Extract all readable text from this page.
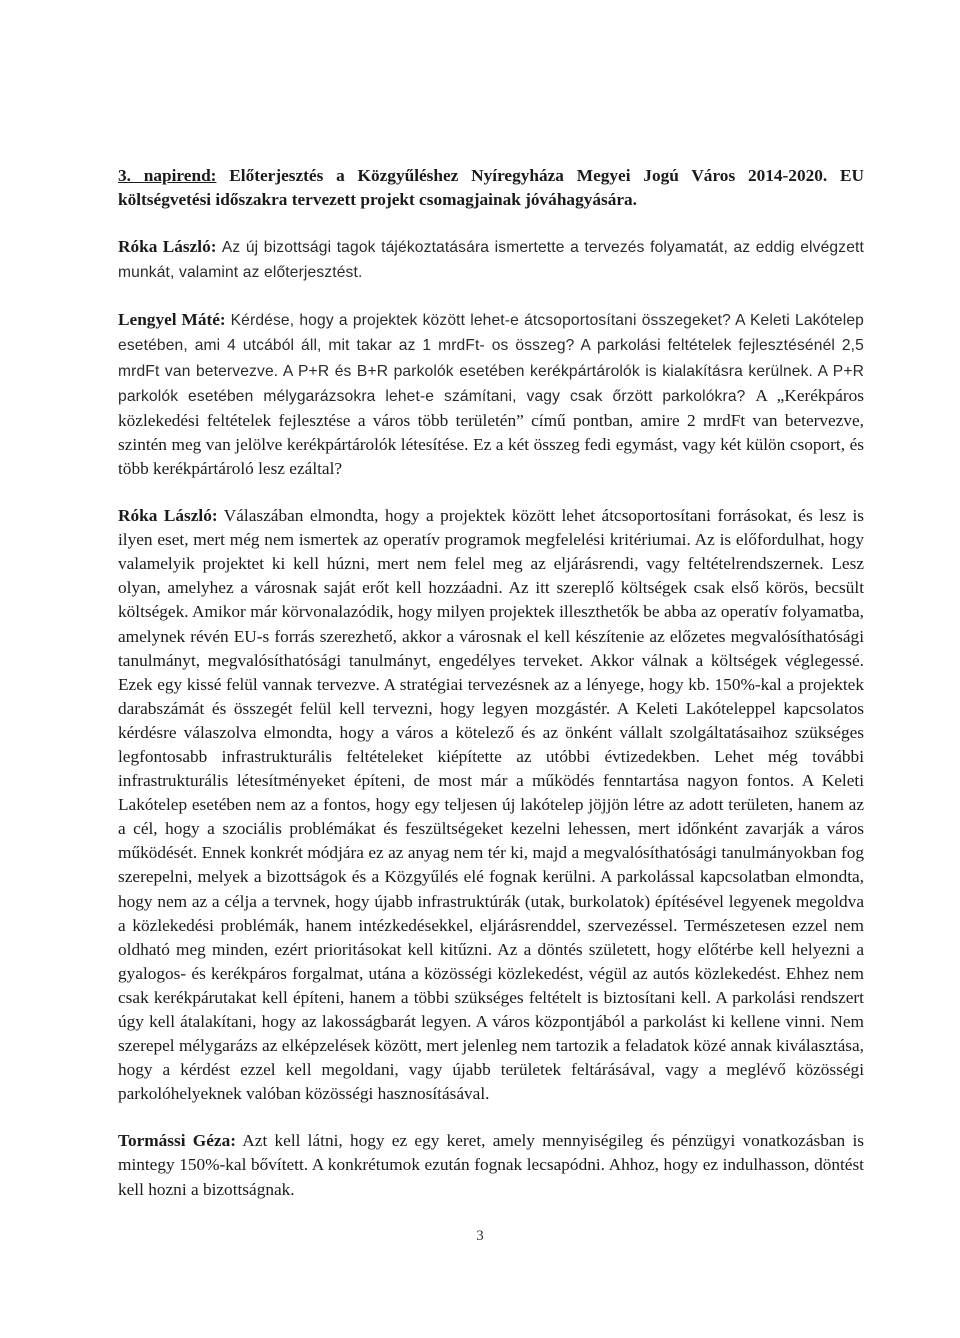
3. napirend: Előterjesztés a Közgyűléshez Nyíregyháza Megyei Jogú Város 2014-2020. EU költségvetési időszakra tervezett projekt csomagjainak jóváhagyására.

Róka László: Az új bizottsági tagok tájékoztatására ismertette a tervezés folyamatát, az eddig elvégzett munkát, valamint az előterjesztést.

Lengyel Máté: Kérdése, hogy a projektek között lehet-e átcsoportosítani összegeket? A Keleti Lakótelep esetében, ami 4 utcából áll, mit takar az 1 mrdFt- os összeg? A parkolási feltételek fejlesztésénél 2,5 mrdFt van betervezve. A P+R és B+R parkolók esetében kerékpártárolók is kialakításra kerülnek. A P+R parkolók esetében mélygarázsokra lehet-e számítani, vagy csak őrzött parkolókra? A „Kerékpáros közlekedési feltételek fejlesztése a város több területén” című pontban, amire 2 mrdFt van betervezve, szintén meg van jelölve kerékpártárolók létesítése. Ez a két összeg fedi egymást, vagy két külön csoport, és több kerékpártároló lesz ezáltal?

Róka László: Válaszában elmondta, hogy a projektek között lehet átcsoportosítani forrásokat, és lesz is ilyen eset, mert még nem ismertek az operatív programok megfelelési kritériumai. Az is előfordulhat, hogy valamelyik projektet ki kell húzni, mert nem felel meg az eljárásrendi, vagy feltételrendszernek. Lesz olyan, amelyhez a városnak saját erőt kell hozzáadni. Az itt szereplő költségek csak első körös, becsült költségek. Amikor már körvonalazódik, hogy milyen projektek illeszthetők be abba az operatív folyamatba, amelynek révén EU-s forrás szerezhető, akkor a városnak el kell készítenie az előzetes megvalósíthatósági tanulmányt, megvalósíthatósági tanulmányt, engedélyes terveket. Akkor válnak a költségek véglegessé. Ezek egy kissé felül vannak tervezve. A stratégiai tervezésnek az a lényege, hogy kb. 150%-kal a projektek darabszámát és összegét felül kell tervezni, hogy legyen mozgástér. A Keleti Lakóteleppel kapcsolatos kérdésre válaszolva elmondta, hogy a város a kötelező és az önként vállalt szolgáltatásaihoz szükséges legfontosabb infrastrukturális feltételeket kiépítette az utóbbi évtizedekben. Lehet még további infrastrukturális létesítményeket építeni, de most már a működés fenntartása nagyon fontos. A Keleti Lakótelep esetében nem az a fontos, hogy egy teljesen új lakótelep jöjjön létre az adott területen, hanem az a cél, hogy a szociális problémákat és feszültségeket kezelni lehessen, mert időnként zavarják a város működését. Ennek konkrét módjára ez az anyag nem tér ki, majd a megvalósíthatósági tanulmányokban fog szerepelni, melyek a bizottságok és a Közgyűlés elé fognak kerülni. A parkolással kapcsolatban elmondta, hogy nem az a célja a tervnek, hogy újabb infrastruktúrák (utak, burkolatok) építésével legyenek megoldva a közlekedési problémák, hanem intézkedésekkel, eljárásrenddel, szervezéssel. Természetesen ezzel nem oldható meg minden, ezért prioritásokat kell kitűzni. Az a döntés született, hogy előtérbe kell helyezni a gyalogos- és kerékpáros forgalmat, utána a közösségi közlekedést, végül az autós közlekedést. Ehhez nem csak kerékpárutakat kell építeni, hanem a többi szükséges feltételt is biztosítani kell. A parkolási rendszert úgy kell átalakítani, hogy az lakosságbarát legyen. A város központjából a parkolást ki kellene vinni. Nem szerepel mélygarázs az elképzelések között, mert jelenleg nem tartozik a feladatok közé annak kiválasztása, hogy a kérdést ezzel kell megoldani, vagy újabb területek feltárásával, vagy a meglévő közösségi parkolóhelyeknek valóban közösségi hasznosításával.

Tormássi Géza: Azt kell látni, hogy ez egy keret, amely mennyiségileg és pénzügyi vonatkozásban is mintegy 150%-kal bővített. A konkrétumok ezután fognak lecsapódni. Ahhoz, hogy ez indulhasson, döntést kell hozni a bizottságnak.

3
